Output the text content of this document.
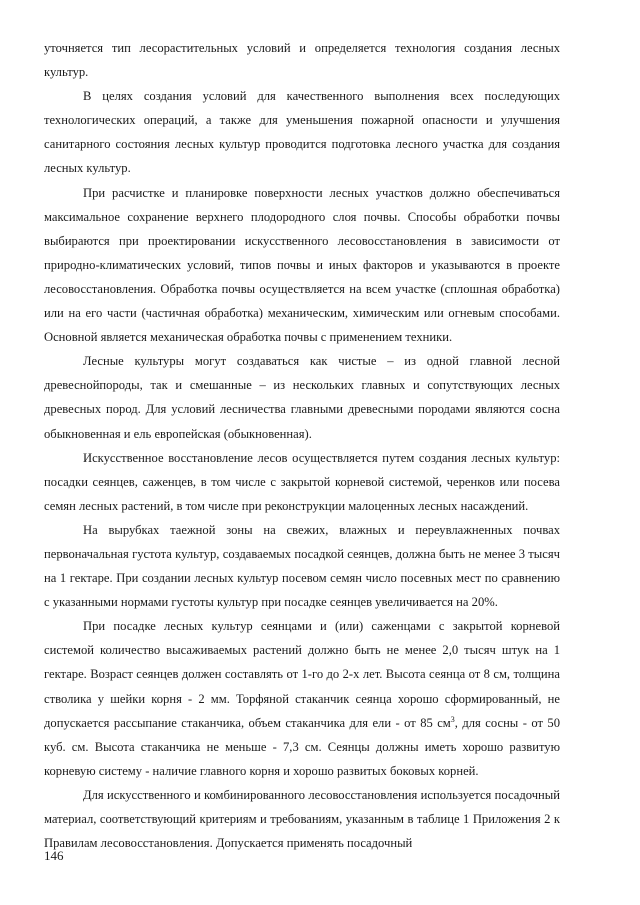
уточняется тип лесорастительных условий и определяется технология создания лесных культур.

В целях создания условий для качественного выполнения всех последующих технологических операций, а также для уменьшения пожарной опасности и улучшения санитарного состояния лесных культур проводится подготовка лесного участка для создания лесных культур.

При расчистке и планировке поверхности лесных участков должно обеспечиваться максимальное сохранение верхнего плодородного слоя почвы. Способы обработки почвы выбираются при проектировании искусственного лесовосстановления в зависимости от природно-климатических условий, типов почвы и иных факторов и указываются в проекте лесовосстановления. Обработка почвы осуществляется на всем участке (сплошная обработка) или на его части (частичная обработка) механическим, химическим или огневым способами. Основной является механическая обработка почвы с применением техники.

Лесные культуры могут создаваться как чистые – из одной главной лесной древеснойпороды, так и смешанные – из нескольких главных и сопутствующих лесных древесных пород. Для условий лесничества главными древесными породами являются сосна обыкновенная и ель европейская (обыкновенная).

Искусственное восстановление лесов осуществляется путем создания лесных культур: посадки сеянцев, саженцев, в том числе с закрытой корневой системой, черенков или посева семян лесных растений, в том числе при реконструкции малоценных лесных насаждений.

На вырубках таежной зоны на свежих, влажных и переувлажненных почвах первоначальная густота культур, создаваемых посадкой сеянцев, должна быть не менее 3 тысяч на 1 гектаре. При создании лесных культур посевом семян число посевных мест по сравнению с указанными нормами густоты культур при посадке сеянцев увеличивается на 20%.

При посадке лесных культур сеянцами и (или) саженцами с закрытой корневой системой количество высаживаемых растений должно быть не менее 2,0 тысяч штук на 1 гектаре. Возраст сеянцев должен составлять от 1-го до 2-х лет. Высота сеянца от 8 см, толщина стволика у шейки корня - 2 мм. Торфяной стаканчик сеянца хорошо сформированный, не допускается рассыпание стаканчика, объем стаканчика для ели - от 85 $см^3$, для сосны - от 50 куб. см. Высота стаканчика не меньше - 7,3 см. Сеянцы должны иметь хорошо развитую корневую систему - наличие главного корня и хорошо развитых боковых корней.

Для искусственного и комбинированного лесовосстановления используется посадочный материал, соответствующий критериям и требованиям, указанным в таблице 1 Приложения 2 к Правилам лесовосстановления. Допускается применять посадочный

146
